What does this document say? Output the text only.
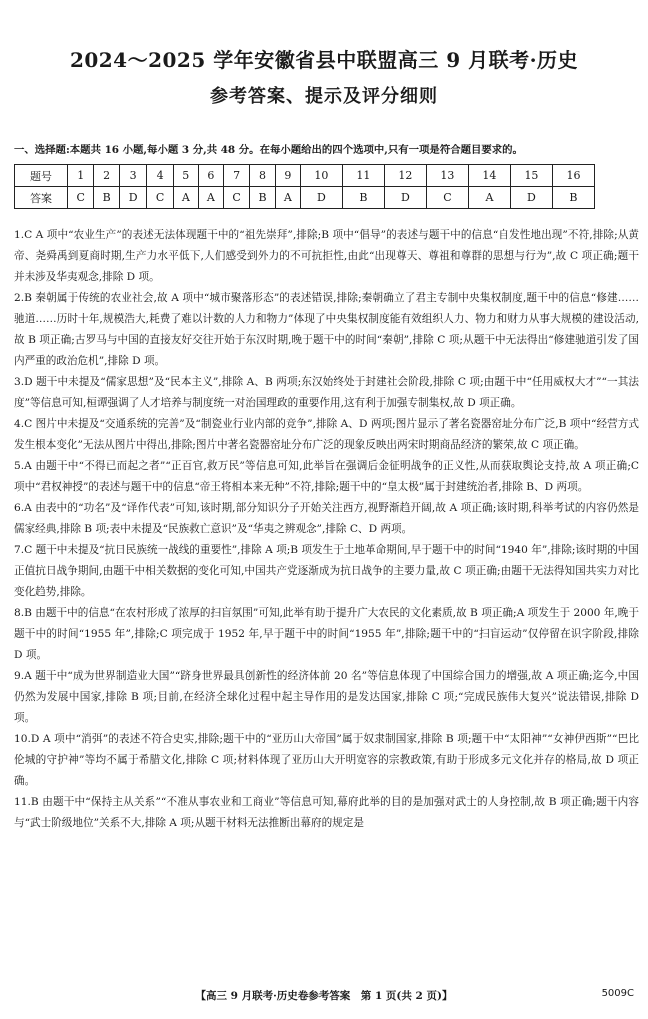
2024～2025 学年安徽省县中联盟高三 9 月联考·历史
参考答案、提示及评分细则
一、选择题:本题共 16 小题,每小题 3 分,共 48 分。在每小题给出的四个选项中,只有一项是符合题目要求的。
题号	1	2	3	4	5	6	7	8	9	10	11	12	13	14	15	16
答案	C	B	D	C	A	A	C	B	A	D	B	D	C	A	D	B

1.C A 项中“农业生产”的表述无法体现题干中的“祖先崇拜”,排除;B 项中“倡导”的表述与题干中的信息“自发性地出现”不符,排除;从黄帝、尧舜禹到夏商时期,生产力水平低下,人们感受到外力的不可抗拒性,由此“出现尊天、尊祖和尊群的思想与行为”,故 C 项正确;题干并未涉及华夷观念,排除 D 项。

2.B 秦朝属于传统的农业社会,故 A 项中“城市聚落形态”的表述错误,排除;秦朝确立了君主专制中央集权制度,题干中的信息“修建……驰道……历时十年,规模浩大,耗费了难以计数的人力和物力”体现了中央集权制度能有效组织人力、物力和财力从事大规模的建设活动,故 B 项正确;古罗马与中国的直接友好交往开始于东汉时期,晚于题干中的时间“秦朝”,排除 C 项;从题干中无法得出“修建驰道引发了国内严重的政治危机”,排除 D 项。

3.D 题干中未提及“儒家思想”及“民本主义”,排除 A、B 两项;东汉始终处于封建社会阶段,排除 C 项;由题干中“任用威权大才”“一其法度”等信息可知,桓谭强调了人才培养与制度统一对治国理政的重要作用,这有利于加强专制集权,故 D 项正确。

4.C 图片中未提及“交通系统的完善”及“制瓷业行业内部的竞争”,排除 A、D 两项;图片显示了著名瓷器窑址分布广泛,B 项中“经营方式发生根本变化”无法从图片中得出,排除;图片中著名瓷器窑址分布广泛的现象反映出两宋时期商品经济的繁荣,故 C 项正确。

5.A 由题干中“不得已而起之者”“正百官,救万民”等信息可知,此举旨在强调后金征明战争的正义性,从而获取舆论支持,故 A 项正确;C 项中“君权神授”的表述与题干中的信息“帝王将相本来无种”不符,排除;题干中的“皇太极”属于封建统治者,排除 B、D 两项。

6.A 由表中的“功名”及“译作代表”可知,该时期,部分知识分子开始关注西方,视野渐趋开阔,故 A 项正确;该时期,科举考试的内容仍然是儒家经典,排除 B 项;表中未提及“民族救亡意识”及“华夷之辨观念”,排除 C、D 两项。

7.C 题干中未提及“抗日民族统一战线的重要性”,排除 A 项;B 项发生于土地革命期间,早于题干中的时间“1940 年”,排除;该时期的中国正值抗日战争期间,由题干中相关数据的变化可知,中国共产党逐渐成为抗日战争的主要力量,故 C 项正确;由题干无法得知国共实力对比变化趋势,排除。

8.B 由题干中的信息“在农村形成了浓厚的扫盲氛围”可知,此举有助于提升广大农民的文化素质,故 B 项正确;A 项发生于 2000 年,晚于题干中的时间“1955 年”,排除;C 项完成于 1952 年,早于题干中的时间“1955 年”,排除;题干中的“扫盲运动”仅停留在识字阶段,排除 D 项。

9.A 题干中“成为世界制造业大国”“跻身世界最具创新性的经济体前 20 名”等信息体现了中国综合国力的增强,故 A 项正确;迄今,中国仍然为发展中国家,排除 B 项;目前,在经济全球化过程中起主导作用的是发达国家,排除 C 项;“完成民族伟大复兴”说法错误,排除 D 项。

10.D A 项中“消弭”的表述不符合史实,排除;题干中的“亚历山大帝国”属于奴隶制国家,排除 B 项;题干中“太阳神”“女神伊西斯”“巴比伦城的守护神”等均不属于希腊文化,排除 C 项;材料体现了亚历山大开明宽容的宗教政策,有助于形成多元文化并存的格局,故 D 项正确。

11.B 由题干中“保持主从关系”“不准从事农业和工商业”等信息可知,幕府此举的目的是加强对武士的人身控制,故 B 项正确;题干内容与“武士阶级地位”关系不大,排除 A 项;从题干材料无法推断出幕府的规定是

【高三 9 月联考·历史卷参考答案　第 1 页(共 2 页)】	5009C
